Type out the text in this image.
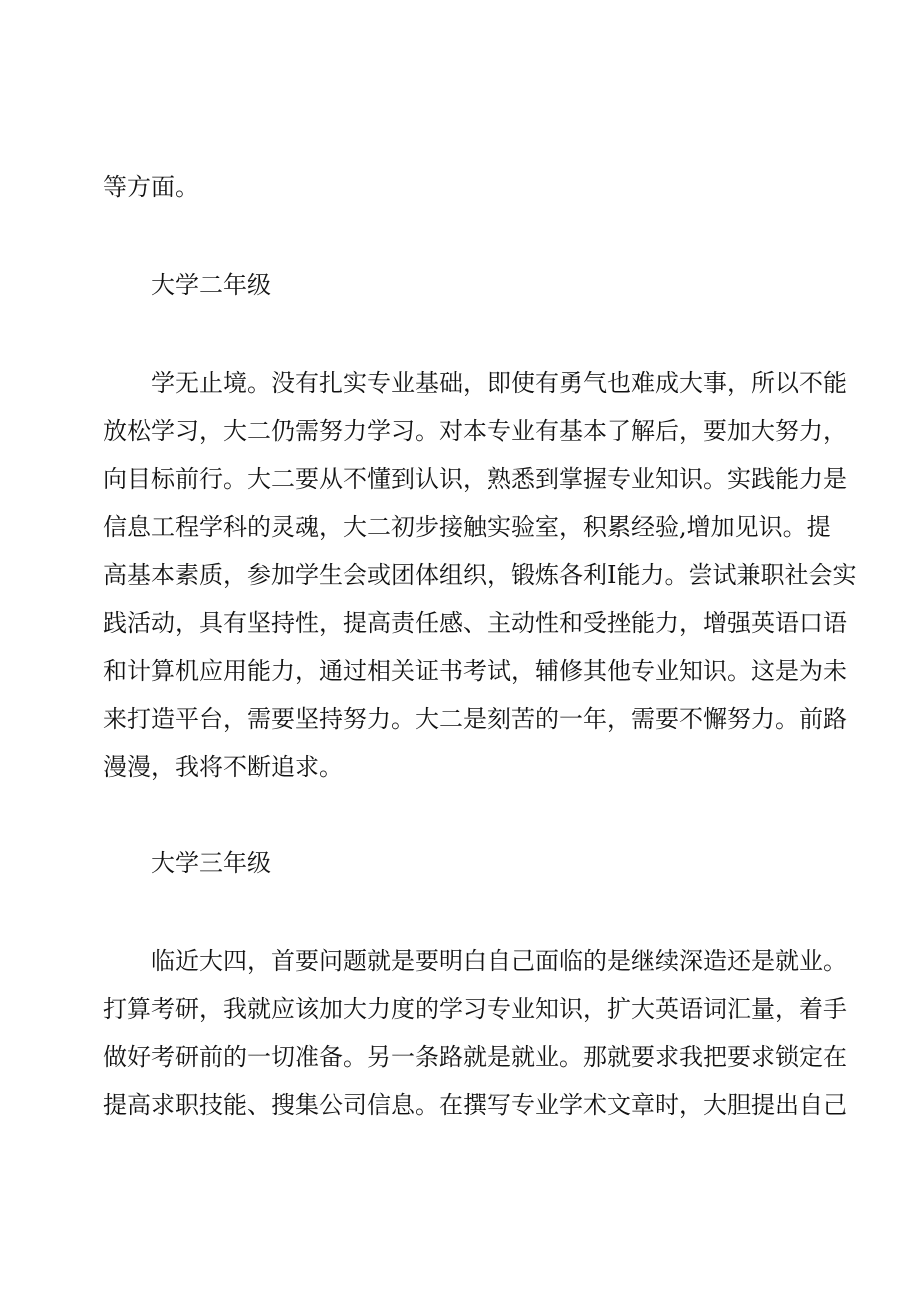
等方面。
大学二年级
学无止境。没有扎实专业基础，即使有勇气也难成大事，所以不能
放松学习，大二仍需努力学习。对本专业有基本了解后，要加大努力，
向目标前行。大二要从不懂到认识，熟悉到掌握专业知识。实践能力是
信息工程学科的灵魂，大二初步接触实验室，积累经验,增加见识。提
高基本素质，参加学生会或团体组织，锻炼各利I能力。尝试兼职社会实
践活动，具有坚持性，提高责任感、主动性和受挫能力，增强英语口语
和计算机应用能力，通过相关证书考试，辅修其他专业知识。这是为未
来打造平台，需要坚持努力。大二是刻苦的一年，需要不懈努力。前路
漫漫，我将不断追求。
大学三年级
临近大四，首要问题就是要明白自己面临的是继续深造还是就业。
打算考研，我就应该加大力度的学习专业知识，扩大英语词汇量，着手
做好考研前的一切准备。另一条路就是就业。那就要求我把要求锁定在
提高求职技能、搜集公司信息。在撰写专业学术文章时，大胆提出自己
